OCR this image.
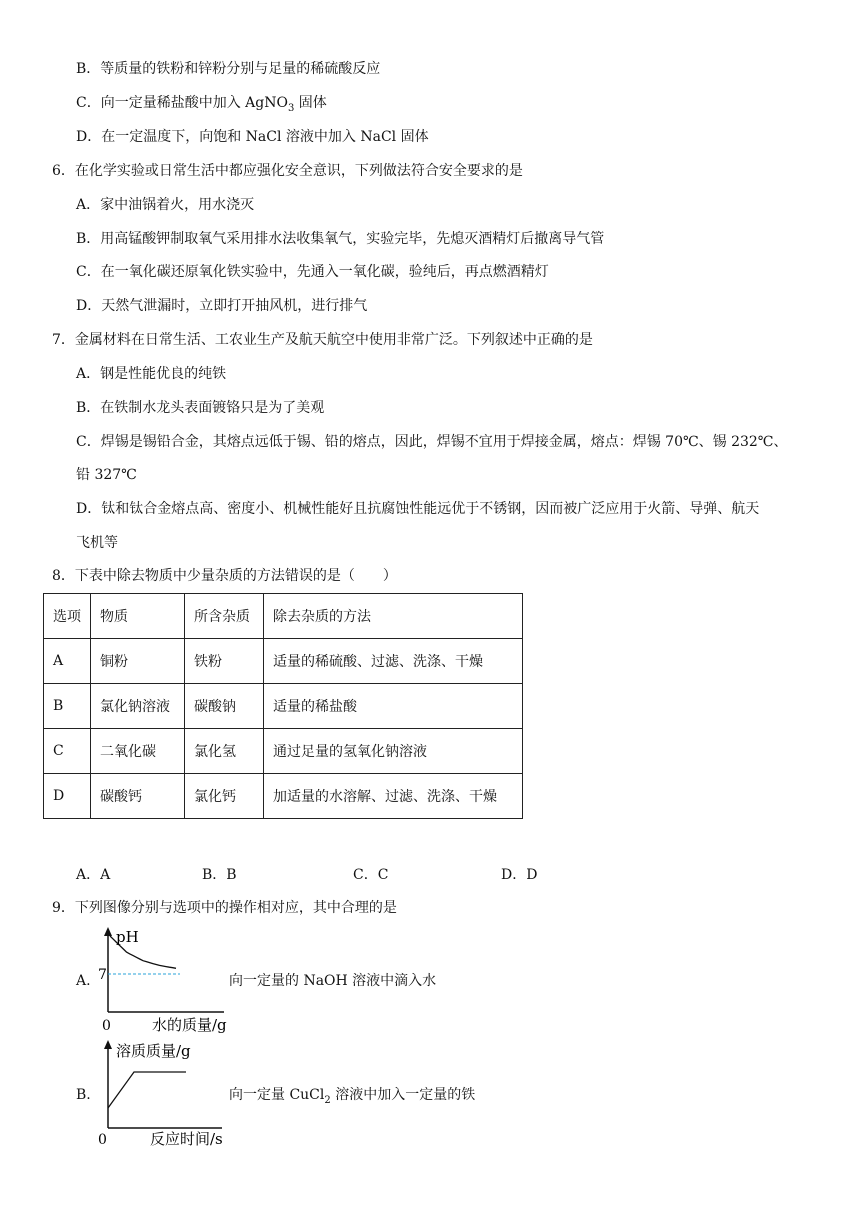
B．等质量的铁粉和锌粉分别与足量的稀硫酸反应
C．向一定量稀盐酸中加入 AgNO$_3$ 固体
D．在一定温度下，向饱和 NaCl 溶液中加入 NaCl 固体
6．在化学实验或日常生活中都应强化安全意识，下列做法符合安全要求的是
A．家中油锅着火，用水浇灭
B．用高锰酸钾制取氧气采用排水法收集氧气，实验完毕，先熄灭酒精灯后撤离导气管
C．在一氧化碳还原氧化铁实验中，先通入一氧化碳，验纯后，再点燃酒精灯
D．天然气泄漏时，立即打开抽风机，进行排气
7．金属材料在日常生活、工农业生产及航天航空中使用非常广泛。下列叙述中正确的是
A．钢是性能优良的纯铁
B．在铁制水龙头表面镀铬只是为了美观
C．焊锡是锡铅合金，其熔点远低于锡、铅的熔点，因此，焊锡不宜用于焊接金属，熔点：焊锡 70℃、锡 232℃、
铅 327℃
D．钛和钛合金熔点高、密度小、机械性能好且抗腐蚀性能远优于不锈钢，因而被广泛应用于火箭、导弹、航天
飞机等
8．下表中除去物质中少量杂质的方法错误的是（　　）
选项	物质	所含杂质	除去杂质的方法
A	铜粉	铁粉	适量的稀硫酸、过滤、洗涤、干燥
B	氯化钠溶液	碳酸钠	适量的稀盐酸
C	二氧化碳	氯化氢	通过足量的氢氧化钠溶液
D	碳酸钙	氯化钙	加适量的水溶解、过滤、洗涤、干燥
A．A	B．B	C．C	D．D
9．下列图像分别与选项中的操作相对应，其中合理的是
A.
pH
7
0	水的质量/g
向一定量的 NaOH 溶液中滴入水
B.
溶质质量/g
0	反应时间/s
向一定量 CuCl$_2$ 溶液中加入一定量的铁
